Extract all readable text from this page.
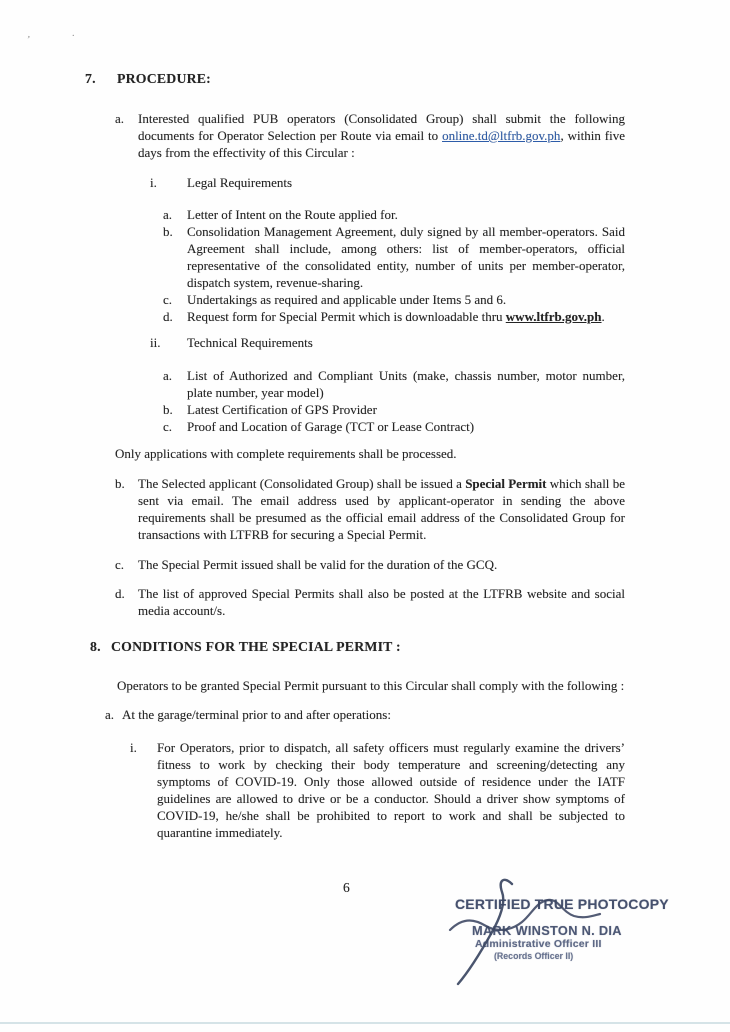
,	.
7.	PROCEDURE:
a.	Interested qualified PUB operators (Consolidated Group) shall submit the following documents for Operator Selection per Route via email to online.td@ltfrb.gov.ph, within five days from the effectivity of this Circular :
i.	Legal Requirements
a.	Letter of Intent on the Route applied for.
b.	Consolidation Management Agreement, duly signed by all member-operators. Said Agreement shall include, among others: list of member-operators, official representative of the consolidated entity, number of units per member-operator, dispatch system, revenue-sharing.
c.	Undertakings as required and applicable under Items 5 and 6.
d.	Request form for Special Permit which is downloadable thru www.ltfrb.gov.ph.
ii.	Technical Requirements
a.	List of Authorized and Compliant Units (make, chassis number, motor number, plate number, year model)
b.	Latest Certification of GPS Provider
c.	Proof and Location of Garage (TCT or Lease Contract)
Only applications with complete requirements shall be processed.
b.	The Selected applicant (Consolidated Group) shall be issued a Special Permit which shall be sent via email. The email address used by applicant-operator in sending the above requirements shall be presumed as the official email address of the Consolidated Group for transactions with LTFRB for securing a Special Permit.
c.	The Special Permit issued shall be valid for the duration of the GCQ.
d.	The list of approved Special Permits shall also be posted at the LTFRB website and social media account/s.
8. CONDITIONS FOR THE SPECIAL PERMIT :
Operators to be granted Special Permit pursuant to this Circular shall comply with the following :
a. At the garage/terminal prior to and after operations:
i.	For Operators, prior to dispatch, all safety officers must regularly examine the drivers’ fitness to work by checking their body temperature and screening/detecting any symptoms of COVID-19. Only those allowed outside of residence under the IATF guidelines are allowed to drive or be a conductor. Should a driver show symptoms of COVID-19, he/she shall be prohibited to report to work and shall be subjected to quarantine immediately.
6
CERTIFIED TRUE PHOTOCOPY
MARK WINSTON N. DIA
Administrative Officer III
(Records Officer II)
